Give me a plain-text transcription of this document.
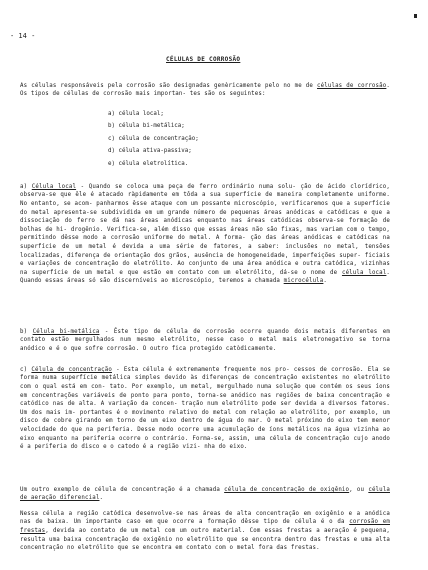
- 14 -
CÉLULAS DE CORROSÃO

As células responsáveis pela corrosão são designadas genèricamente pelo no me de células de corrosão. Os tipos de células de corrosão mais importan- tes são os seguintes:

a) célula local;
b) célula bi-metálica;
c) célula de concentração;
d) célula ativa-passiva;
e) célula eletrolítica.

a) Célula local - Quando se coloca uma peça de ferro ordinário numa solu- ção de ácido clorídrico, observa-se que êle é atacado ràpidamente em tôda a sua superfície de maneira completamente uniforme. No entanto, se acom- panharmos êsse ataque com um possante microscópio, verificaremos que a superfície do metal apresenta-se subdividida em um grande número de pequenas áreas anódicas e catódicas e que a dissociação do ferro se dá nas áreas anódicas enquanto nas áreas catódicas observa-se formação de bolhas de hi- drogênio. Verifica-se, além disso que essas áreas não são fixas, mas variam com o tempo, permitindo dêsse modo a corrosão uniforme do metal. A forma- ção das áreas anódicas e catódicas na superfície de um metal é devida a uma série de fatores, a saber: inclusões no metal, tensões localizadas, diferença de orientação dos grãos, ausência de homogeneidade, imperfeições super- ficiais e variações de concentração do eletrólito. Ao conjunto de uma área anódica e outra catódica, vizinhas na superfície de um metal e que estão em contato com um eletrólito, dá-se o nome de célula local. Quando essas áreas só são discerníveis ao microscópio, teremos a chamada microcélula.

b) Célula bi-metálica - Êste tipo de célula de corrosão ocorre quando dois metais diferentes em contato estão mergulhados num mesmo eletrólito, nesse caso o metal mais eletronegativo se torna anódico e é o que sofre corrosão. O outro fica protegido catòdicamente.

c) Célula de concentração - Esta célula é extremamente frequente nos pro- cessos de corrosão. Ela se forma numa superfície metálica simples devido às diferenças de concentração existentes no eletrólito com o qual está em con- tato. Por exemplo, um metal, mergulhado numa solução que contém os seus íons em concentrações variáveis de ponto para ponto, torna-se anódico nas regiões de baixa concentração e catódico nas de alta. A variação da concen- tração num eletrólito pode ser devida a diversos fatores. Um dos mais im- portantes é o movimento relativo do metal com relação ao eletrólito, por exemplo, um disco de cobre girando em torno de um eixo dentro de água do mar. O metal próximo do eixo tem menor velocidade do que na periferia. Desse modo ocorre uma acumulação de íons metálicos na água vizinha ao eixo enquanto na periferia ocorre o contrário. Forma-se, assim, uma célula de concentração cujo anodo é a periferia do disco e o catodo é a região vizi- nha do eixo.

Um outro exemplo de célula de concentração é a chamada célula de concentração de oxigênio, ou célula de aeração diferencial.

Nessa célula a região catódica desenvolve-se nas áreas de alta concentração em oxigênio e a anódica nas de baixa. Um importante caso em que ocorre a formação dêsse tipo de célula é o da corrosão em frestas, devida ao contato de um metal com um outro material. Com essas frestas a aeração é pequena, resulta uma baixa concentração de oxigênio no eletrólito que se encontra dentro das frestas e uma alta concentração no eletrólito que se encontra em contato com o metal fora das frestas.
